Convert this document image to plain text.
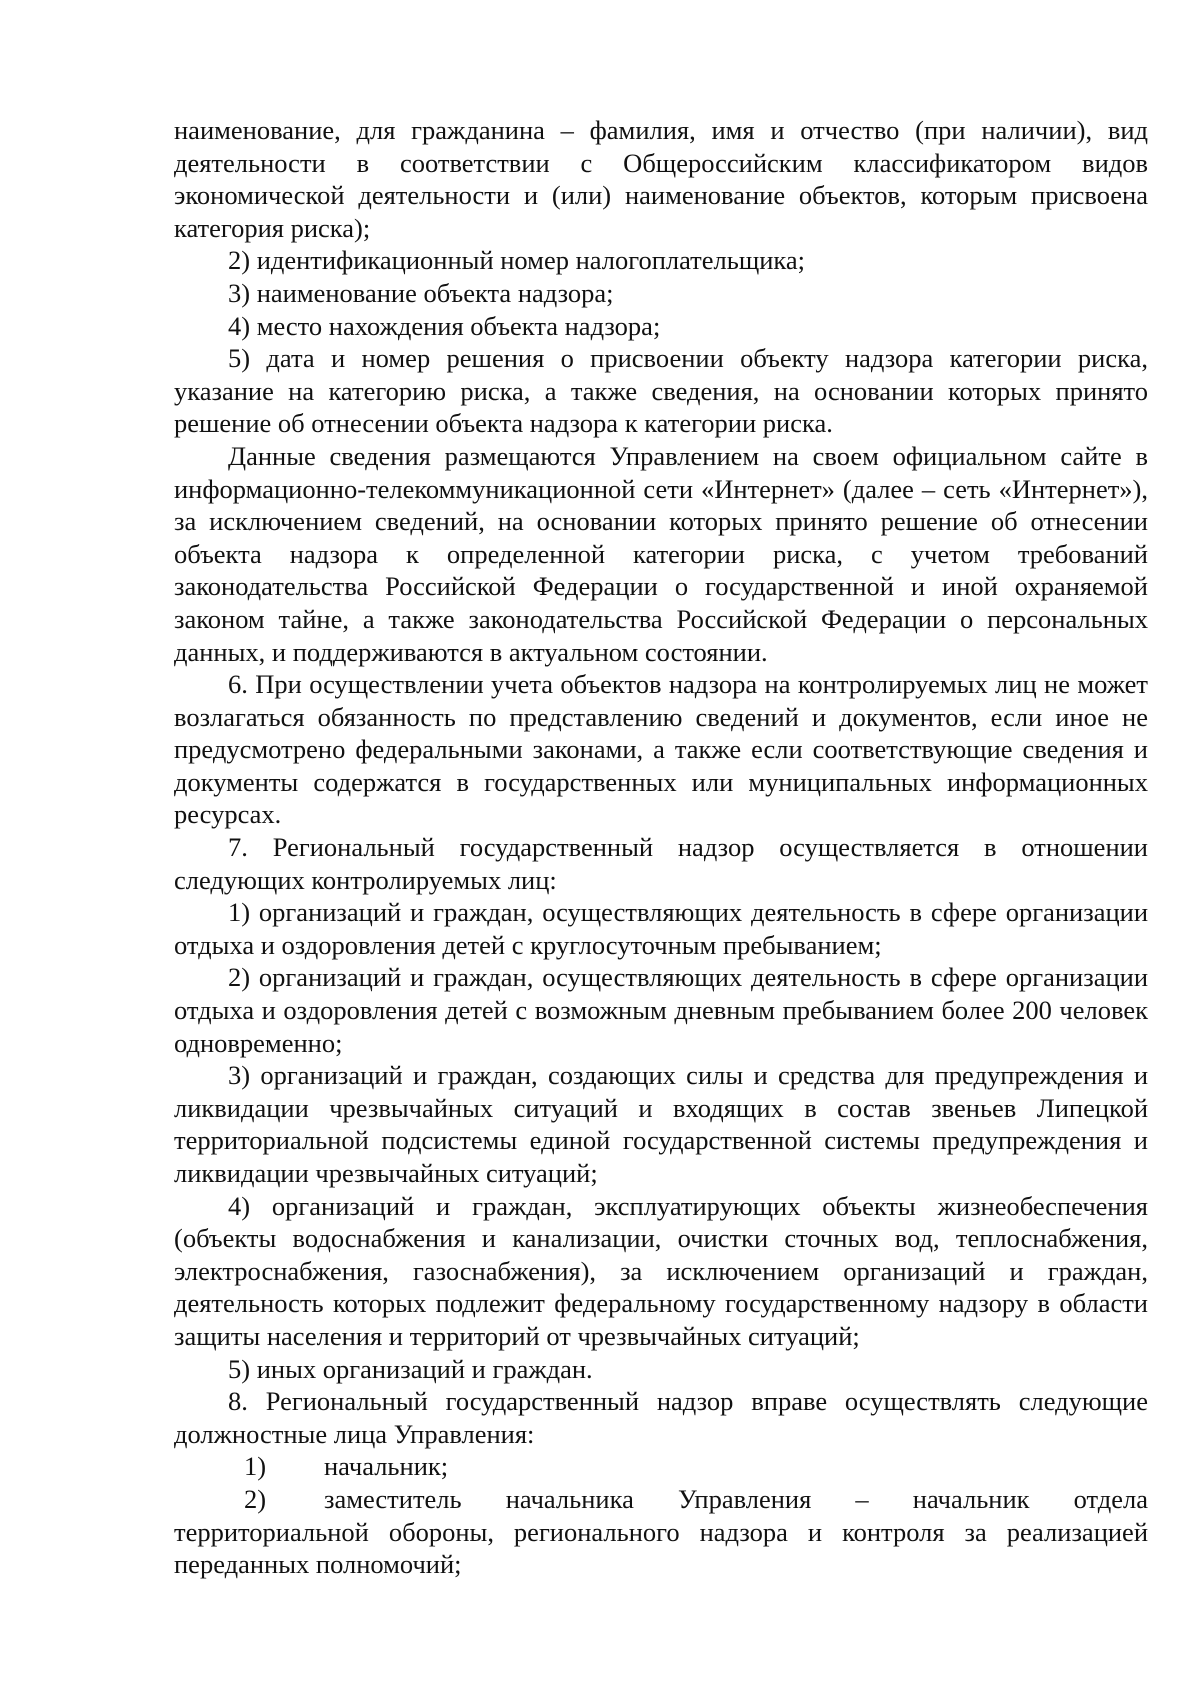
наименование, для гражданина – фамилия, имя и отчество (при наличии), вид деятельности в соответствии с Общероссийским классификатором видов экономической деятельности и (или) наименование объектов, которым присвоена категория риска);

2) идентификационный номер налогоплательщика;

3) наименование объекта надзора;

4) место нахождения объекта надзора;

5) дата и номер решения о присвоении объекту надзора категории риска, указание на категорию риска, а также сведения, на основании которых принято решение об отнесении объекта надзора к категории риска.

Данные сведения размещаются Управлением на своем официальном сайте в информационно-телекоммуникационной сети «Интернет» (далее – сеть «Интернет»), за исключением сведений, на основании которых принято решение об отнесении объекта надзора к определенной категории риска, с учетом требований законодательства Российской Федерации о государственной и иной охраняемой законом тайне, а также законодательства Российской Федерации о персональных данных, и поддерживаются в актуальном состоянии.

6. При осуществлении учета объектов надзора на контролируемых лиц не может возлагаться обязанность по представлению сведений и документов, если иное не предусмотрено федеральными законами, а также если соответствующие сведения и документы содержатся в государственных или муниципальных информационных ресурсах.

7. Региональный государственный надзор осуществляется в отношении следующих контролируемых лиц:

1) организаций и граждан, осуществляющих деятельность в сфере организации отдыха и оздоровления детей с круглосуточным пребыванием;

2) организаций и граждан, осуществляющих деятельность в сфере организации отдыха и оздоровления детей с возможным дневным пребыванием более 200 человек одновременно;

3) организаций и граждан, создающих силы и средства для предупреждения и ликвидации чрезвычайных ситуаций и входящих в состав звеньев Липецкой территориальной подсистемы единой государственной системы предупреждения и ликвидации чрезвычайных ситуаций;

4) организаций и граждан, эксплуатирующих объекты жизнеобеспечения (объекты водоснабжения и канализации, очистки сточных вод, теплоснабжения, электроснабжения, газоснабжения), за исключением организаций и граждан, деятельность которых подлежит федеральному государственному надзору в области защиты населения и территорий от чрезвычайных ситуаций;

5) иных организаций и граждан.

8. Региональный государственный надзор вправе осуществлять следующие должностные лица Управления:

1)	начальник;
2)	заместитель начальника Управления – начальник отдела
территориальной обороны, регионального надзора и контроля за реализацией переданных полномочий;
